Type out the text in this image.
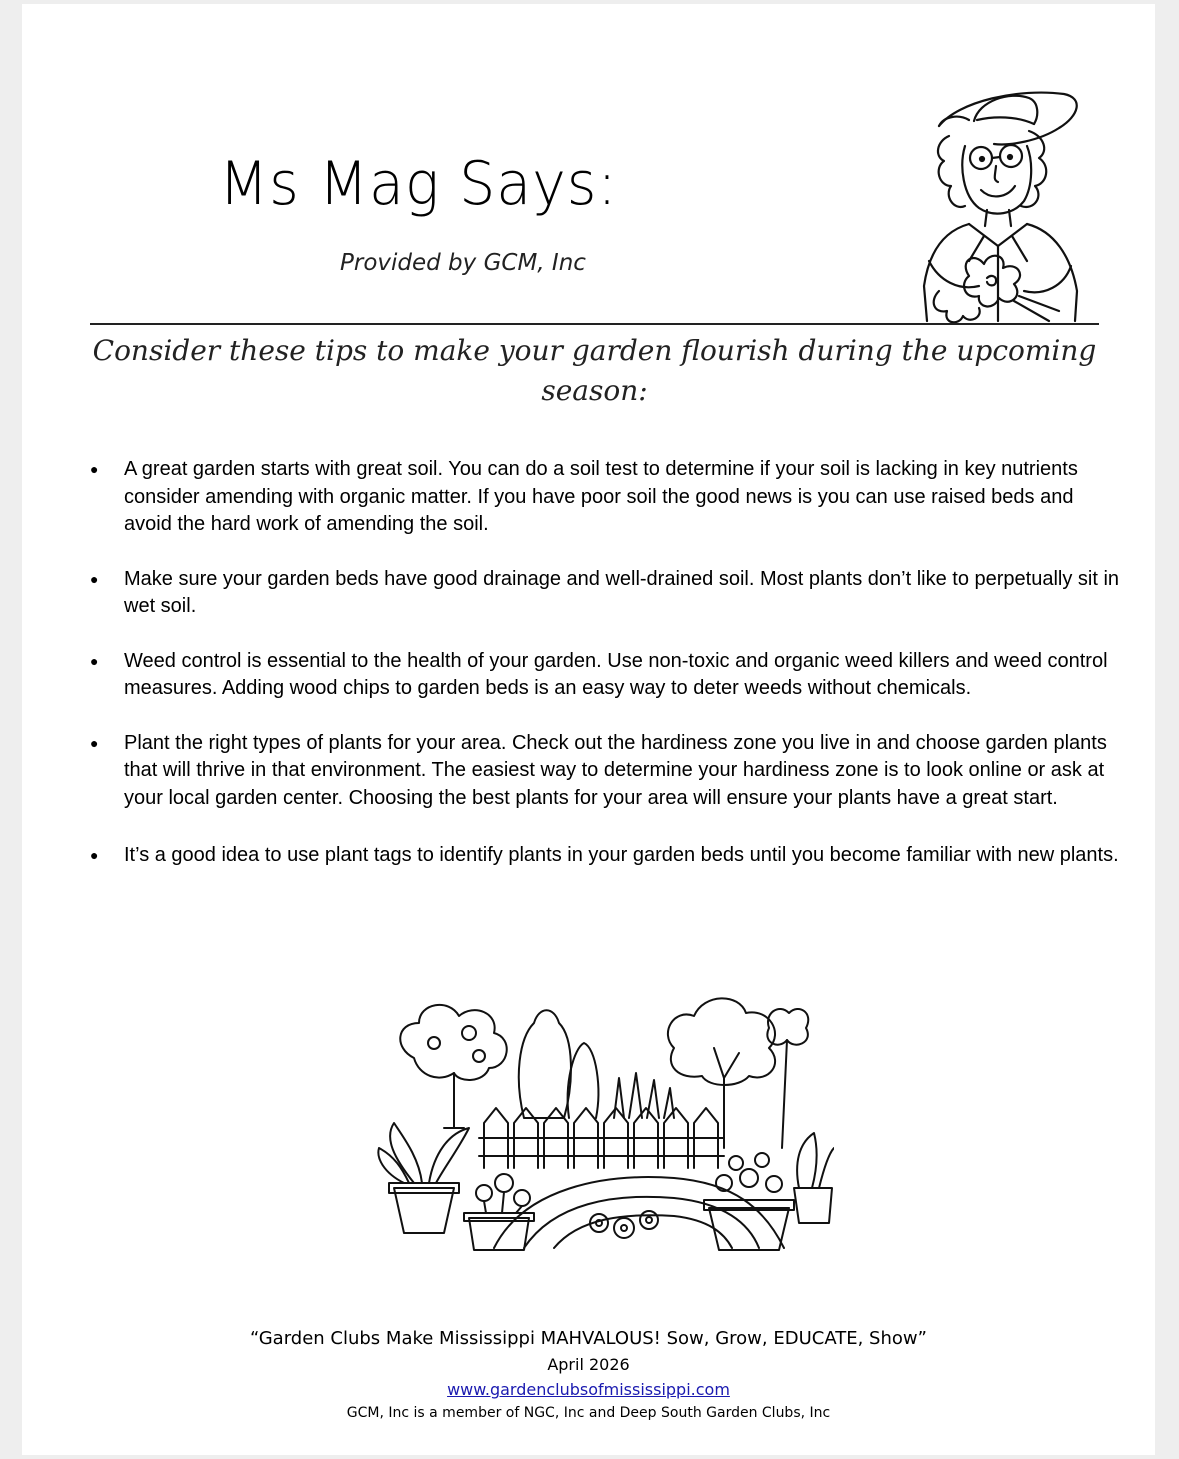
Ms Mag Says:
Provided by GCM, Inc
Consider these tips to make your garden flourish during the upcoming season:
● A great garden starts with great soil. You can do a soil test to determine if your soil is lacking in key nutrients consider amending with organic matter. If you have poor soil the good news is you can use raised beds and avoid the hard work of amending the soil.
● Make sure your garden beds have good drainage and well-drained soil. Most plants don’t like to perpetually sit in wet soil.
● Weed control is essential to the health of your garden. Use non-toxic and organic weed killers and weed control measures. Adding wood chips to garden beds is an easy way to deter weeds without chemicals.
● Plant the right types of plants for your area. Check out the hardiness zone you live in and choose garden plants that will thrive in that environment. The easiest way to determine your hardiness zone is to look online or ask at your local garden center. Choosing the best plants for your area will ensure your plants have a great start.
● It’s a good idea to use plant tags to identify plants in your garden beds until you become familiar with new plants.
“Garden Clubs Make Mississippi MAHVALOUS! Sow, Grow, EDUCATE, Show”
April 2026
www.gardenclubsofmississippi.com
GCM, Inc is a member of NGC, Inc and Deep South Garden Clubs, Inc
